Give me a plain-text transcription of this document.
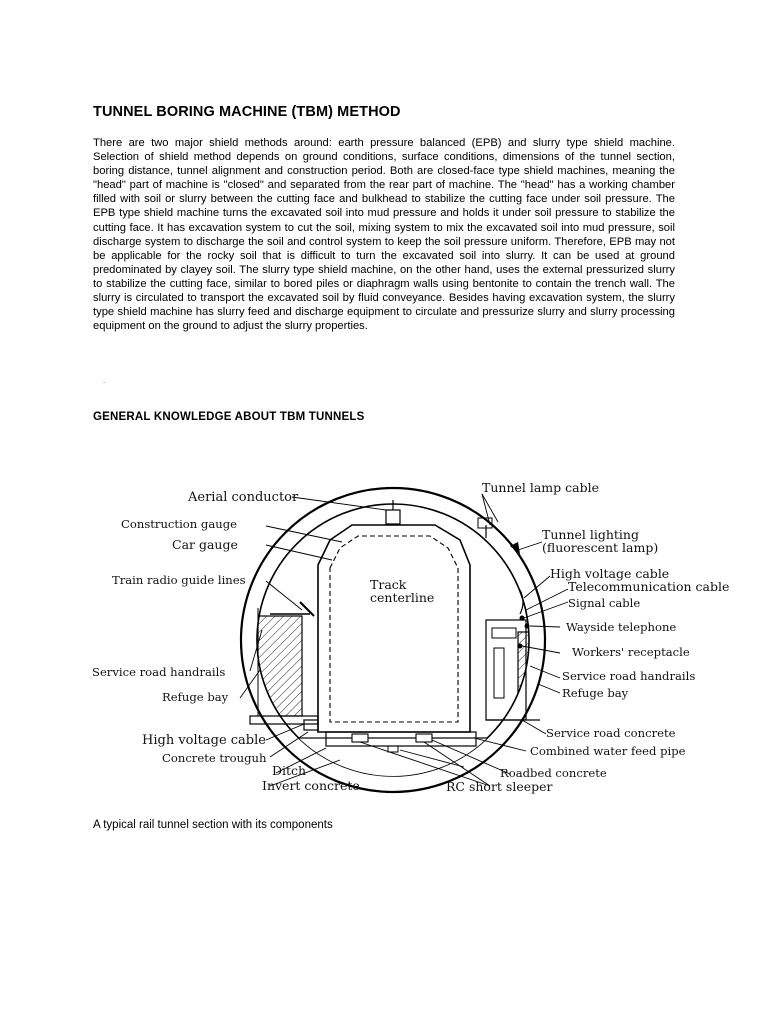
TUNNEL BORING MACHINE (TBM) METHOD
There are two major shield methods around: earth pressure balanced (EPB) and slurry type shield machine. Selection of shield method depends on ground conditions, surface conditions, dimensions of the tunnel section, boring distance, tunnel alignment and construction period. Both are closed-face type shield machines, meaning the "head" part of machine is "closed" and separated from the rear part of machine. The "head" has a working chamber filled with soil or slurry between the cutting face and bulkhead to stabilize the cutting face under soil pressure. The EPB type shield machine turns the excavated soil into mud pressure and holds it under soil pressure to stabilize the cutting face. It has excavation system to cut the soil, mixing system to mix the excavated soil into mud pressure, soil discharge system to discharge the soil and control system to keep the soil pressure uniform. Therefore, EPB may not be applicable for the rocky soil that is difficult to turn the excavated soil into slurry. It can be used at ground predominated by clayey soil. The slurry type shield machine, on the other hand, uses the external pressurized slurry to stabilize the cutting face, similar to bored piles or diaphragm walls using bentonite to contain the trench wall. The slurry is circulated to transport the excavated soil by fluid conveyance. Besides having excavation system, the slurry type shield machine has slurry feed and discharge equipment to circulate and pressurize slurry and slurry processing equipment on the ground to adjust the slurry properties.
.
GENERAL KNOWLEDGE ABOUT TBM TUNNELS
Aerial conductor
Construction gauge
Car gauge
Train radio guide lines
Service road handrails
Refuge bay
High voltage cable
Concrete trouguh
Ditch
Invert concrete
Track
centerline
Tunnel lamp cable
Tunnel lighting
(fluorescent lamp)
High voltage cable
Telecommunication cable
Signal cable
Wayside telephone
Workers' receptacle
Service road handrails
Refuge bay
Service road concrete
Combined water feed pipe
Roadbed concrete
RC short sleeper
A typical rail tunnel section with its components
